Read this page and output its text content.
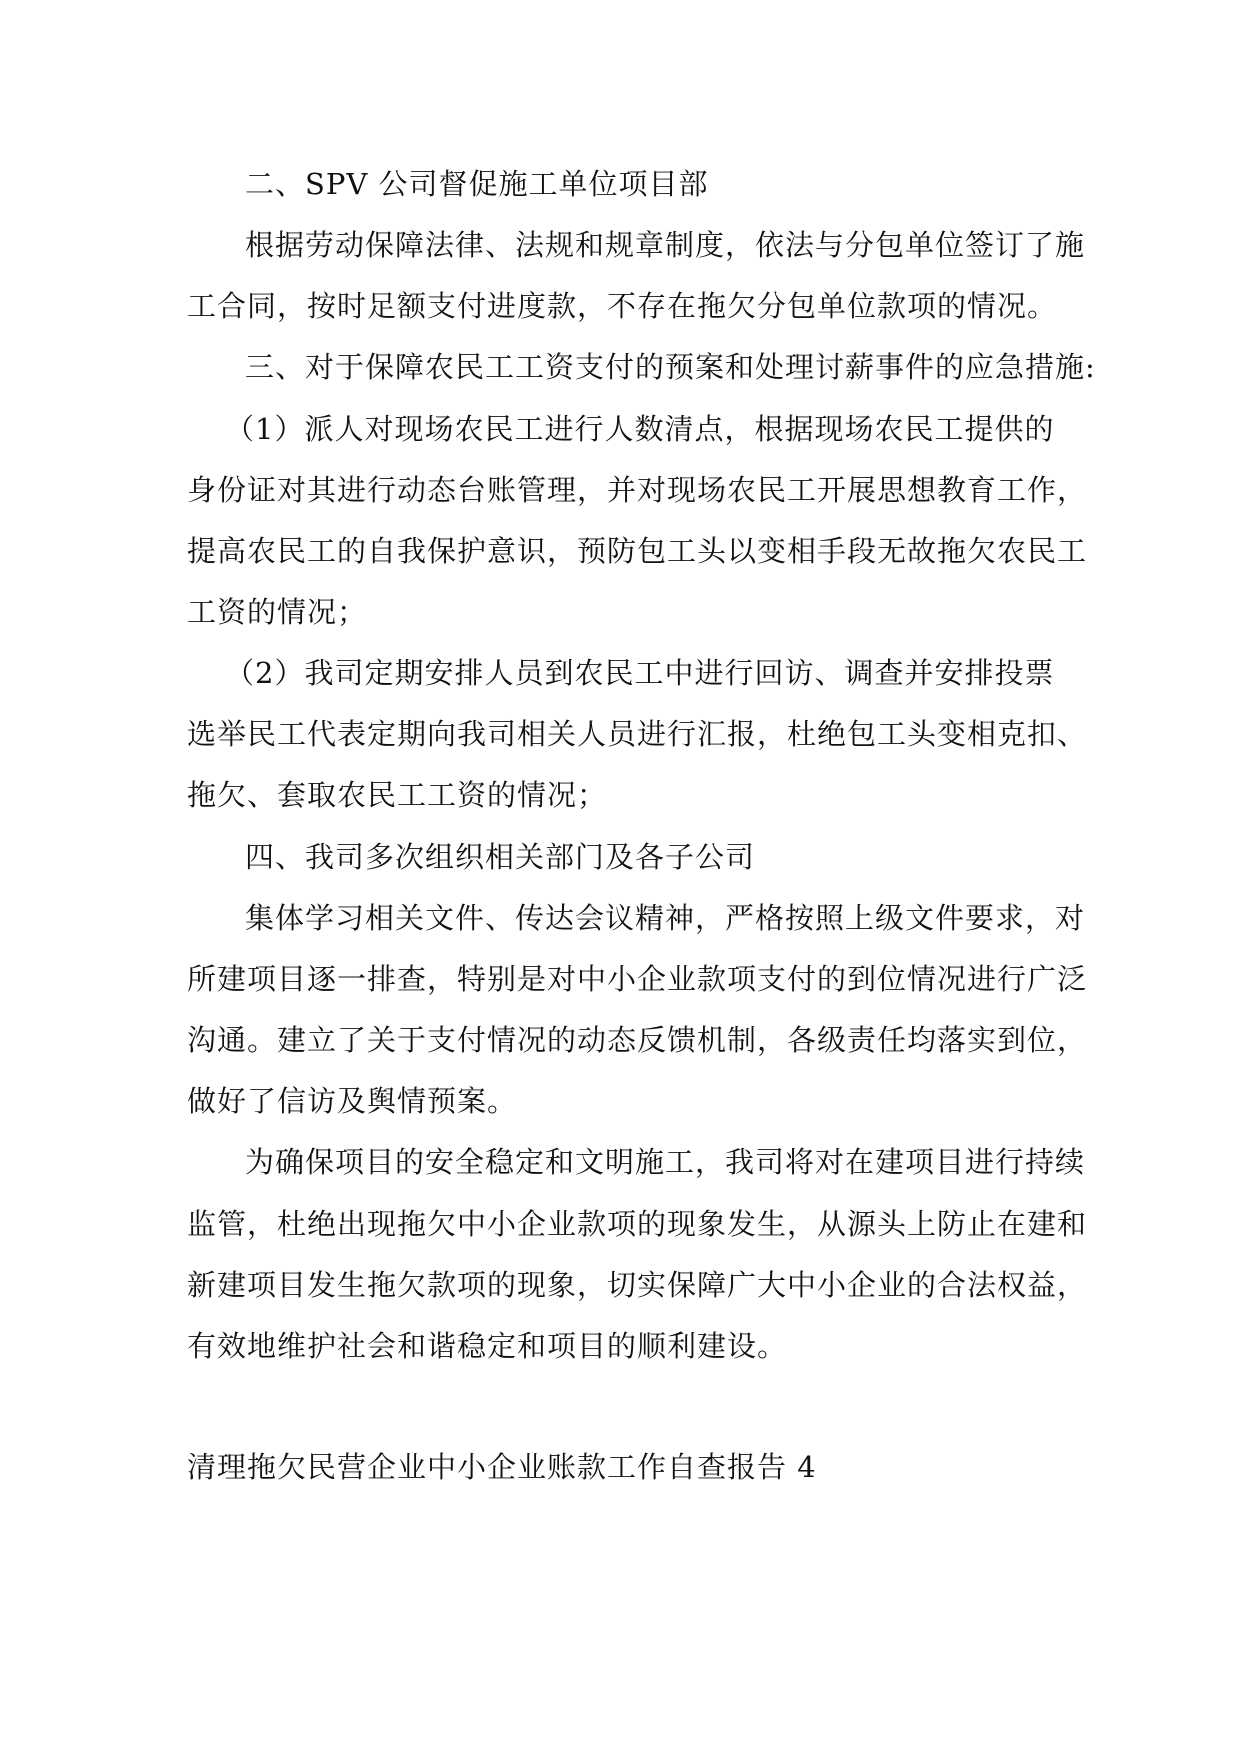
二、SPV 公司督促施工单位项目部
根据劳动保障法律、法规和规章制度，依法与分包单位签订了施
工合同，按时足额支付进度款，不存在拖欠分包单位款项的情况。
三、对于保障农民工工资支付的预案和处理讨薪事件的应急措施:
（1）派人对现场农民工进行人数清点，根据现场农民工提供的
身份证对其进行动态台账管理，并对现场农民工开展思想教育工作，
提高农民工的自我保护意识，预防包工头以变相手段无故拖欠农民工
工资的情况；
（2）我司定期安排人员到农民工中进行回访、调查并安排投票
选举民工代表定期向我司相关人员进行汇报，杜绝包工头变相克扣、
拖欠、套取农民工工资的情况；
四、我司多次组织相关部门及各子公司
集体学习相关文件、传达会议精神，严格按照上级文件要求，对
所建项目逐一排查，特别是对中小企业款项支付的到位情况进行广泛
沟通。建立了关于支付情况的动态反馈机制，各级责任均落实到位，
做好了信访及舆情预案。
为确保项目的安全稳定和文明施工，我司将对在建项目进行持续
监管，杜绝出现拖欠中小企业款项的现象发生，从源头上防止在建和
新建项目发生拖欠款项的现象，切实保障广大中小企业的合法权益，
有效地维护社会和谐稳定和项目的顺利建设。
清理拖欠民营企业中小企业账款工作自查报告 4
